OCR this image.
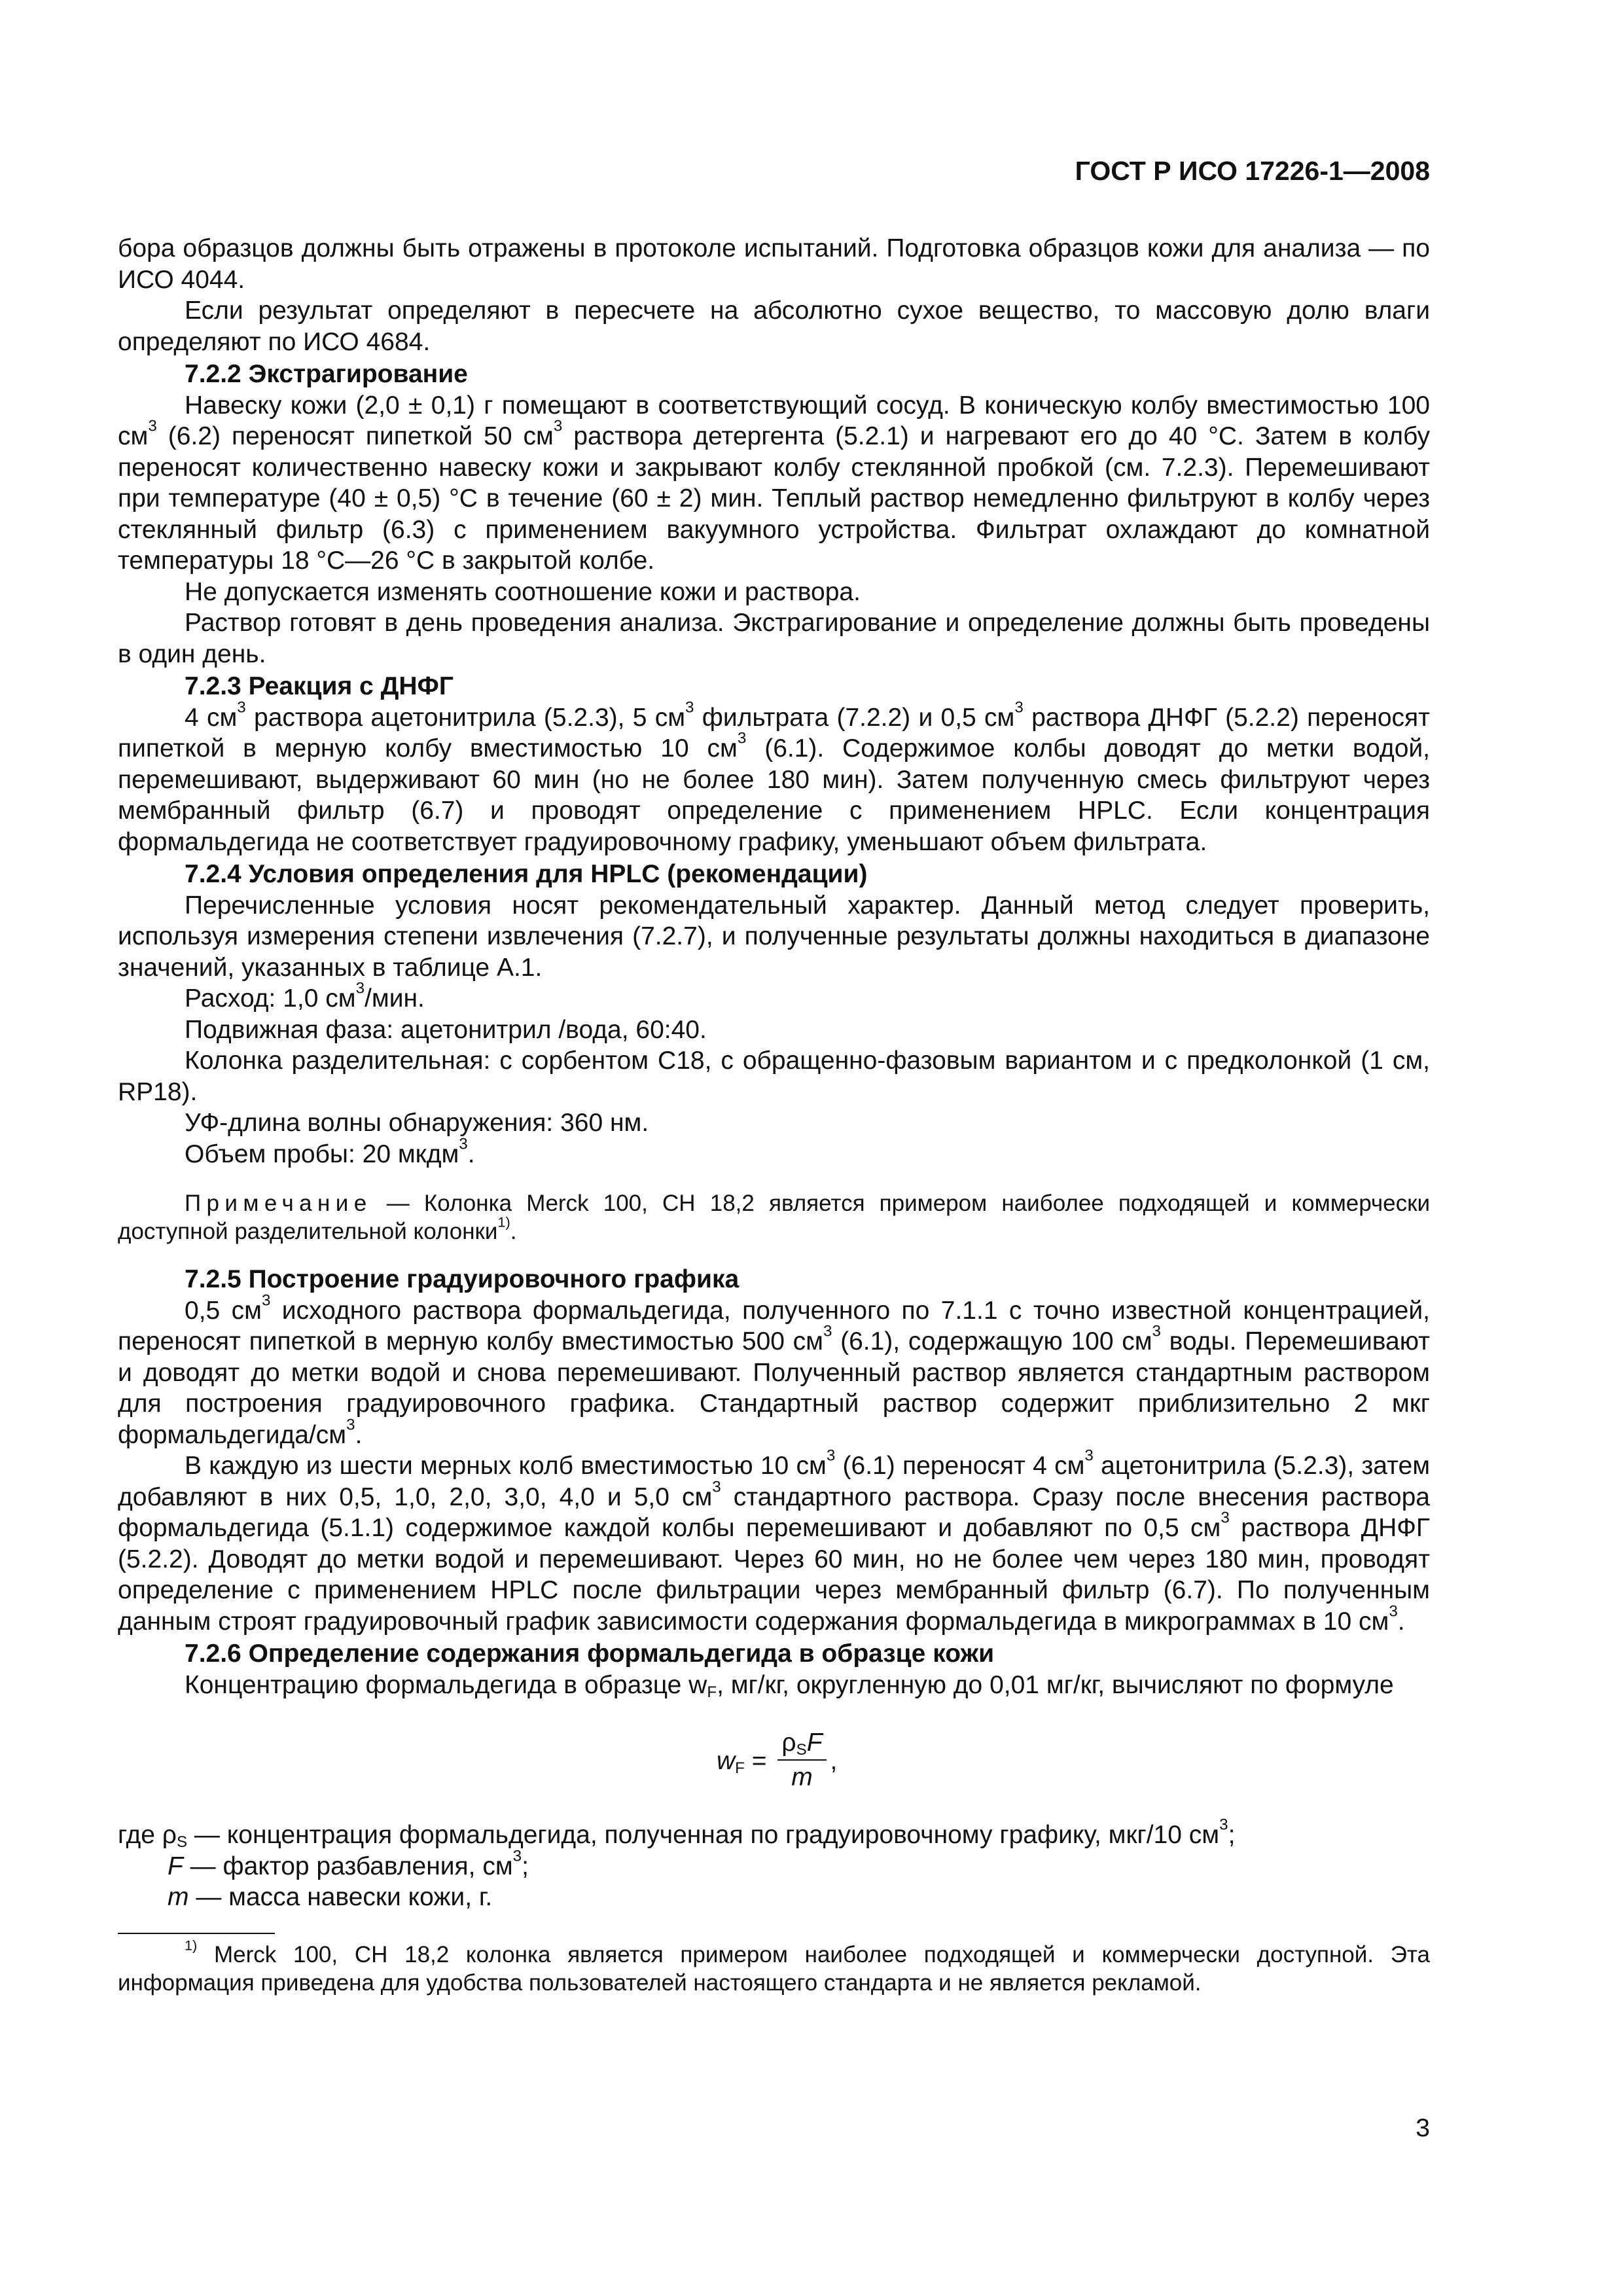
ГОСТ Р ИСО 17226-1—2008

бора образцов должны быть отражены в протоколе испытаний. Подготовка образцов кожи для анализа — по ИСО 4044.

Если результат определяют в пересчете на абсолютно сухое вещество, то массовую долю влаги определяют по ИСО 4684.

7.2.2 Экстрагирование

Навеску кожи (2,0 ± 0,1) г помещают в соответствующий сосуд. В коническую колбу вместимостью 100 $см^3$ (6.2) переносят пипеткой 50 $см^3$ раствора детергента (5.2.1) и нагревают его до 40 °С. Затем в колбу переносят количественно навеску кожи и закрывают колбу стеклянной пробкой (см. 7.2.3). Перемешивают при температуре (40 ± 0,5) °С в течение (60 ± 2) мин. Теплый раствор немедленно фильтруют в колбу через стеклянный фильтр (6.3) с применением вакуумного устройства. Фильтрат охлаждают до комнатной температуры 18 °С—26 °С в закрытой колбе.

Не допускается изменять соотношение кожи и раствора.

Раствор готовят в день проведения анализа. Экстрагирование и определение должны быть проведены в один день.

7.2.3 Реакция с ДНФГ

4 $см^3$ раствора ацетонитрила (5.2.3), 5 $см^3$ фильтрата (7.2.2) и 0,5 $см^3$ раствора ДНФГ (5.2.2) переносят пипеткой в мерную колбу вместимостью 10 $см^3$ (6.1). Содержимое колбы доводят до метки водой, перемешивают, выдерживают 60 мин (но не более 180 мин). Затем полученную смесь фильтруют через мембранный фильтр (6.7) и проводят определение с применением HPLC. Если концентрация формальдегида не соответствует градуировочному графику, уменьшают объем фильтрата.

7.2.4 Условия определения для HPLC (рекомендации)

Перечисленные условия носят рекомендательный характер. Данный метод следует проверить, используя измерения степени извлечения (7.2.7), и полученные результаты должны находиться в диапазоне значений, указанных в таблице А.1.

Расход: 1,0 $см^3$/мин.

Подвижная фаза: ацетонитрил /вода, 60:40.

Колонка разделительная: с сорбентом С18, с обращенно-фазовым вариантом и с предколонкой (1 см, RP18).

УФ-длина волны обнаружения: 360 нм.

Объем пробы: 20 мкдм$^3$.

Примечание — Колонка Merck 100, CH 18,2 является примером наиболее подходящей и коммерчески доступной разделительной колонки$^{1)}$.

7.2.5 Построение градуировочного графика

0,5 $см^3$ исходного раствора формальдегида, полученного по 7.1.1 с точно известной концентрацией, переносят пипеткой в мерную колбу вместимостью 500 $см^3$ (6.1), содержащую 100 $см^3$ воды. Перемешивают и доводят до метки водой и снова перемешивают. Полученный раствор является стандартным раствором для построения градуировочного графика. Стандартный раствор содержит приблизительно 2 мкг формальдегида/$см^3$.

В каждую из шести мерных колб вместимостью 10 $см^3$ (6.1) переносят 4 $см^3$ ацетонитрила (5.2.3), затем добавляют в них 0,5, 1,0, 2,0, 3,0, 4,0 и 5,0 $см^3$ стандартного раствора. Сразу после внесения раствора формальдегида (5.1.1) содержимое каждой колбы перемешивают и добавляют по 0,5 $см^3$ раствора ДНФГ (5.2.2). Доводят до метки водой и перемешивают. Через 60 мин, но не более чем через 180 мин, проводят определение с применением HPLC после фильтрации через мембранный фильтр (6.7). По полученным данным строят градуировочный график зависимости содержания формальдегида в микрограммах в 10 $см^3$.

7.2.6 Определение содержания формальдегида в образце кожи

Концентрацию формальдегида в образце $w_F$, мг/кг, округленную до 0,01 мг/кг, вычисляют по формуле

$w_F = \frac{\rho_SF}{m}$ ,

где $\rho_S$ — концентрация формальдегида, полученная по градуировочному графику, мкг/10 $см^3$;

F — фактор разбавления, $см^3$;

m — масса навески кожи, г.

$^{1)}$ Merck 100, CH 18,2 колонка является примером наиболее подходящей и коммерчески доступной. Эта информация приведена для удобства пользователей настоящего стандарта и не является рекламой.

3
